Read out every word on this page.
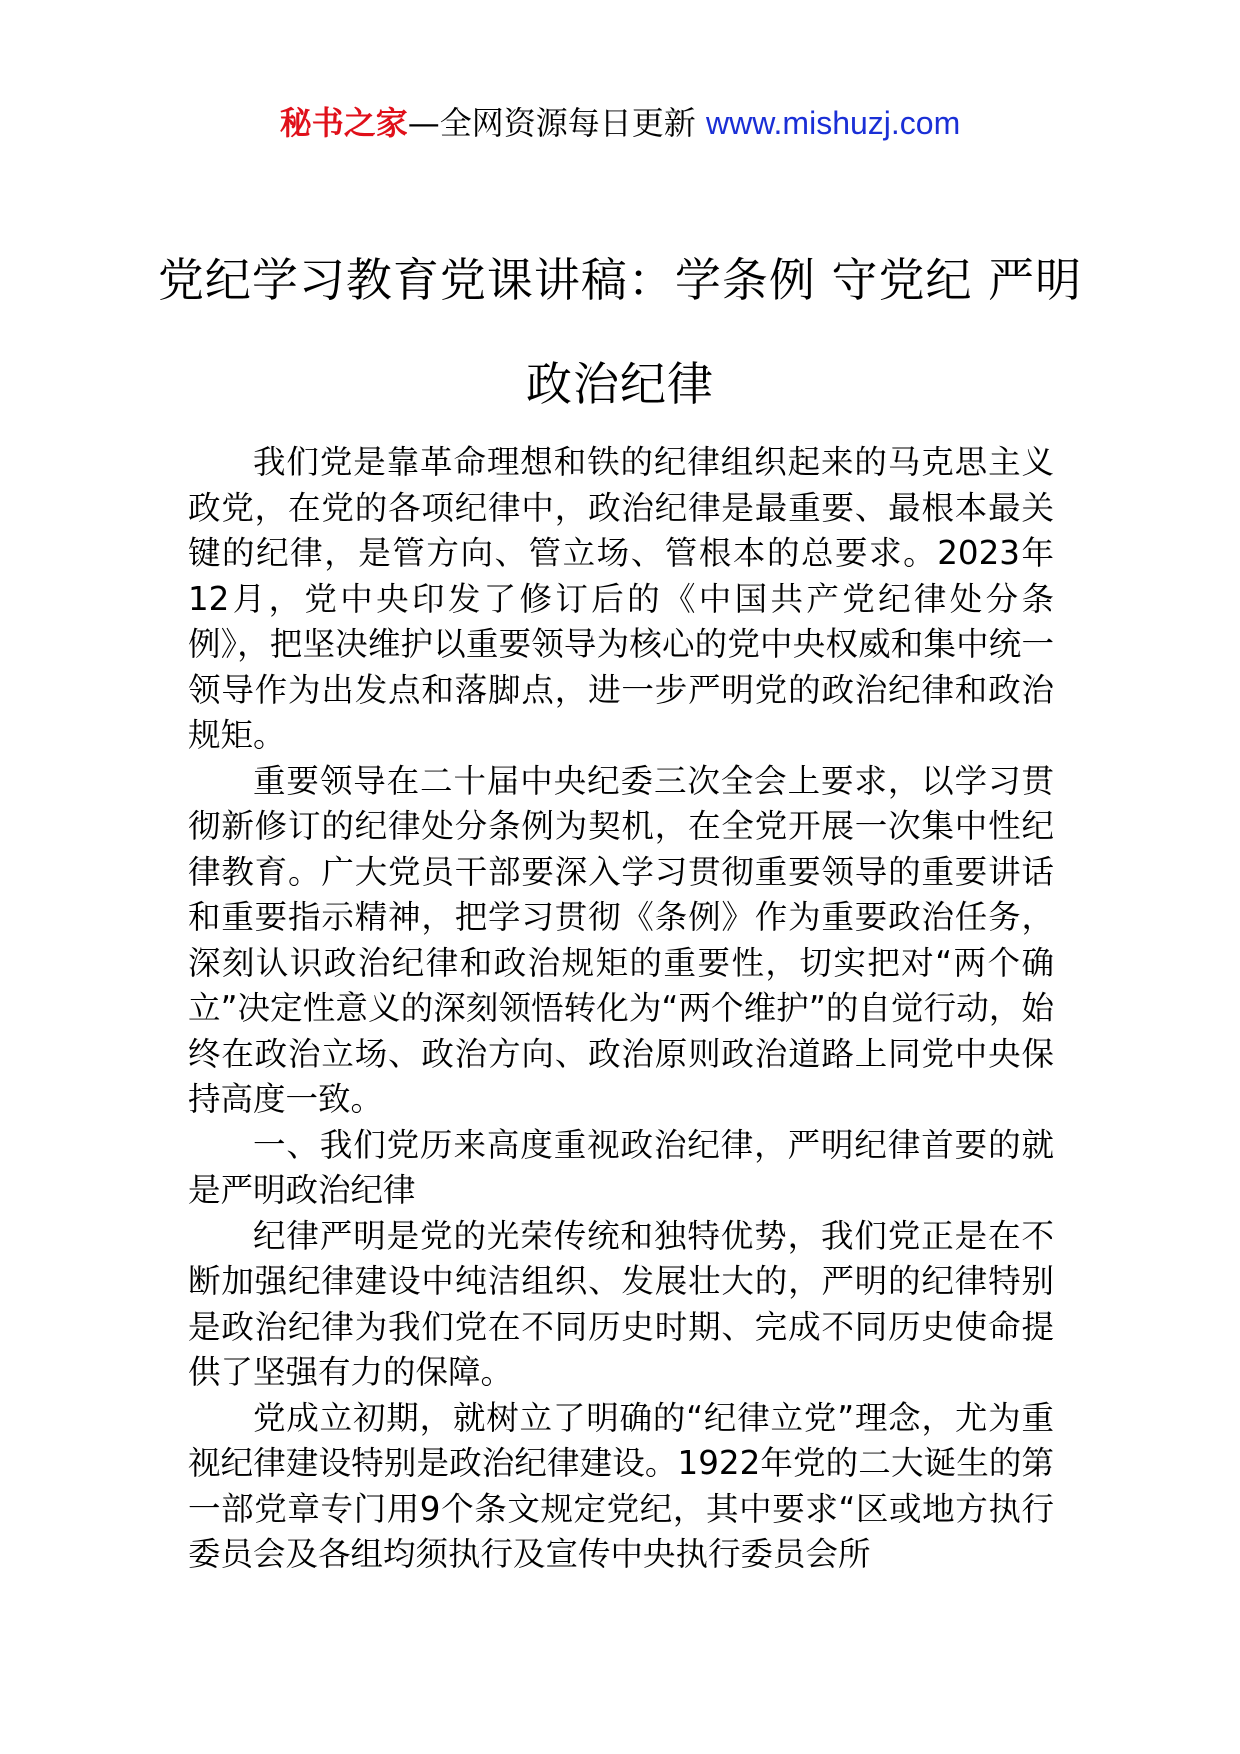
秘书之家—全网资源每日更新 www.mishuzj.com
党纪学习教育党课讲稿：学条例 守党纪 严明政治纪律

我们党是靠革命理想和铁的纪律组织起来的马克思主义政党，在党的各项纪律中，政治纪律是最重要、最根本最关键的纪律，是管方向、管立场、管根本的总要求。2023年12月，党中央印发了修订后的《中国共产党纪律处分条例》，把坚决维护以重要领导为核心的党中央权威和集中统一领导作为出发点和落脚点，进一步严明党的政治纪律和政治规矩。

重要领导在二十届中央纪委三次全会上要求，以学习贯彻新修订的纪律处分条例为契机，在全党开展一次集中性纪律教育。广大党员干部要深入学习贯彻重要领导的重要讲话和重要指示精神，把学习贯彻《条例》作为重要政治任务，深刻认识政治纪律和政治规矩的重要性，切实把对“两个确立”决定性意义的深刻领悟转化为“两个维护”的自觉行动，始终在政治立场、政治方向、政治原则政治道路上同党中央保持高度一致。

一、我们党历来高度重视政治纪律，严明纪律首要的就是严明政治纪律

纪律严明是党的光荣传统和独特优势，我们党正是在不断加强纪律建设中纯洁组织、发展壮大的，严明的纪律特别是政治纪律为我们党在不同历史时期、完成不同历史使命提供了坚强有力的保障。

党成立初期，就树立了明确的“纪律立党”理念，尤为重视纪律建设特别是政治纪律建设。1922年党的二大诞生的第一部党章专门用9个条文规定党纪，其中要求“区或地方执行委员会及各组均须执行及宣传中央执行委员会所
